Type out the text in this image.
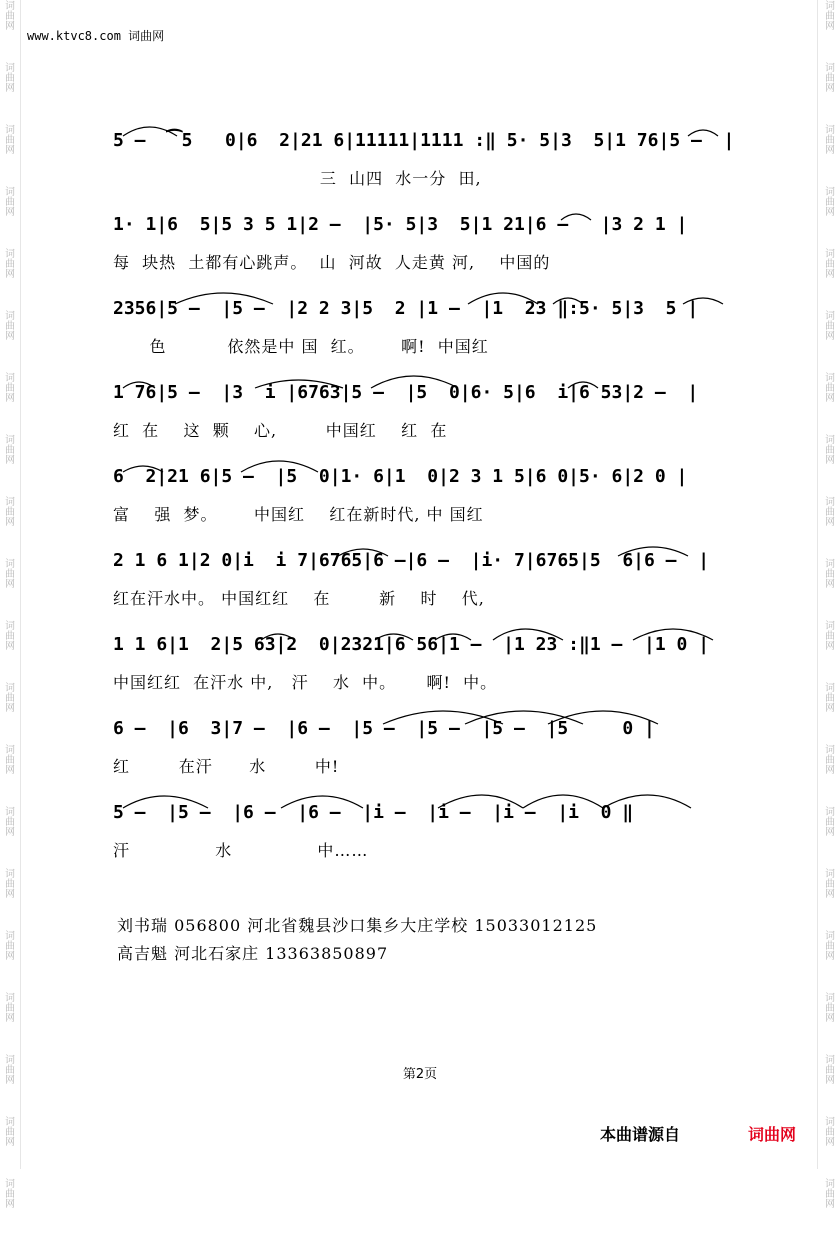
词
曲
网
词
曲
网
词
曲
网
词
曲
网
词
曲
网
词
曲
网
词
曲
网
词
曲
网
词
曲
网
词
曲
网
词
曲
网
词
曲
网
词
曲
网
词
曲
网
词
曲
网
词
曲
网
词
曲
网
词
曲
网
词
曲
网
词
曲
网
词
曲
网
词
曲
网
词
曲
网
词
曲
网
词
曲
网
词
曲
网
词
曲
网
词
曲
网
词
曲
网
词
曲
网
词
曲
网
词
曲
网
词
曲
网
词
曲
网
词
曲
网
词
曲
网
词
曲
网
词
曲
网
词
曲
网
词
曲
网
www.ktvc8.com 词曲网
5 –  ⁀5   0|6  2|21 6|11111|1111 :‖ 5· 5|3  5|1 76|5 –  |
三  山四  水一分  田,
1· 1|6  5|5 3 5 1|2 –  |5· 5|3  5|1 21|6 –   |3 2 1 |
每  块热  土都有心跳声。  山  河故  人走黄 河,    中国的
2356|5 –  |5 –  |2 2 3|5  2 |1 –  |1  23 ‖:5· 5|3  5 |
色          依然是中 国  红。      啊!  中国红
1 76|5 –  |3  i |6763|5 –  |5  0|6· 5|6  i|6 53|2 –  |
红  在    这  颗    心,        中国红    红  在
6  2|21 6|5 –  |5  0|1· 6|1  0|2 3 1 5|6 0|5· 6|2 0 |
富    强  梦。      中国红    红在新时代, 中 国红
2 1 6 1|2 0|i  i 7|6765|6 –|6 –  |i· 7|6765|5  6|6 –  |
红在汗水中。 中国红红    在        新    时    代,
1 1 6|1  2|5 63|2  0|2321|6 56|1 –  |1 23 :‖1 –  |1 0 |
中国红红  在汗水 中,   汗    水  中。     啊!  中。
6 –  |6  3|7 –  |6 –  |5 –  |5 –  |5 –  |5     0 |
红        在汗      水        中!
5 –  |5 –  |6 –  |6 –  |i –  |i –  |i –  |i  0 ‖
汗              水              中……
刘书瑞 056800 河北省魏县沙口集乡大庄学校 15033012125
高吉魁 河北石家庄 13363850897
第2页
本曲谱源自	词曲网
